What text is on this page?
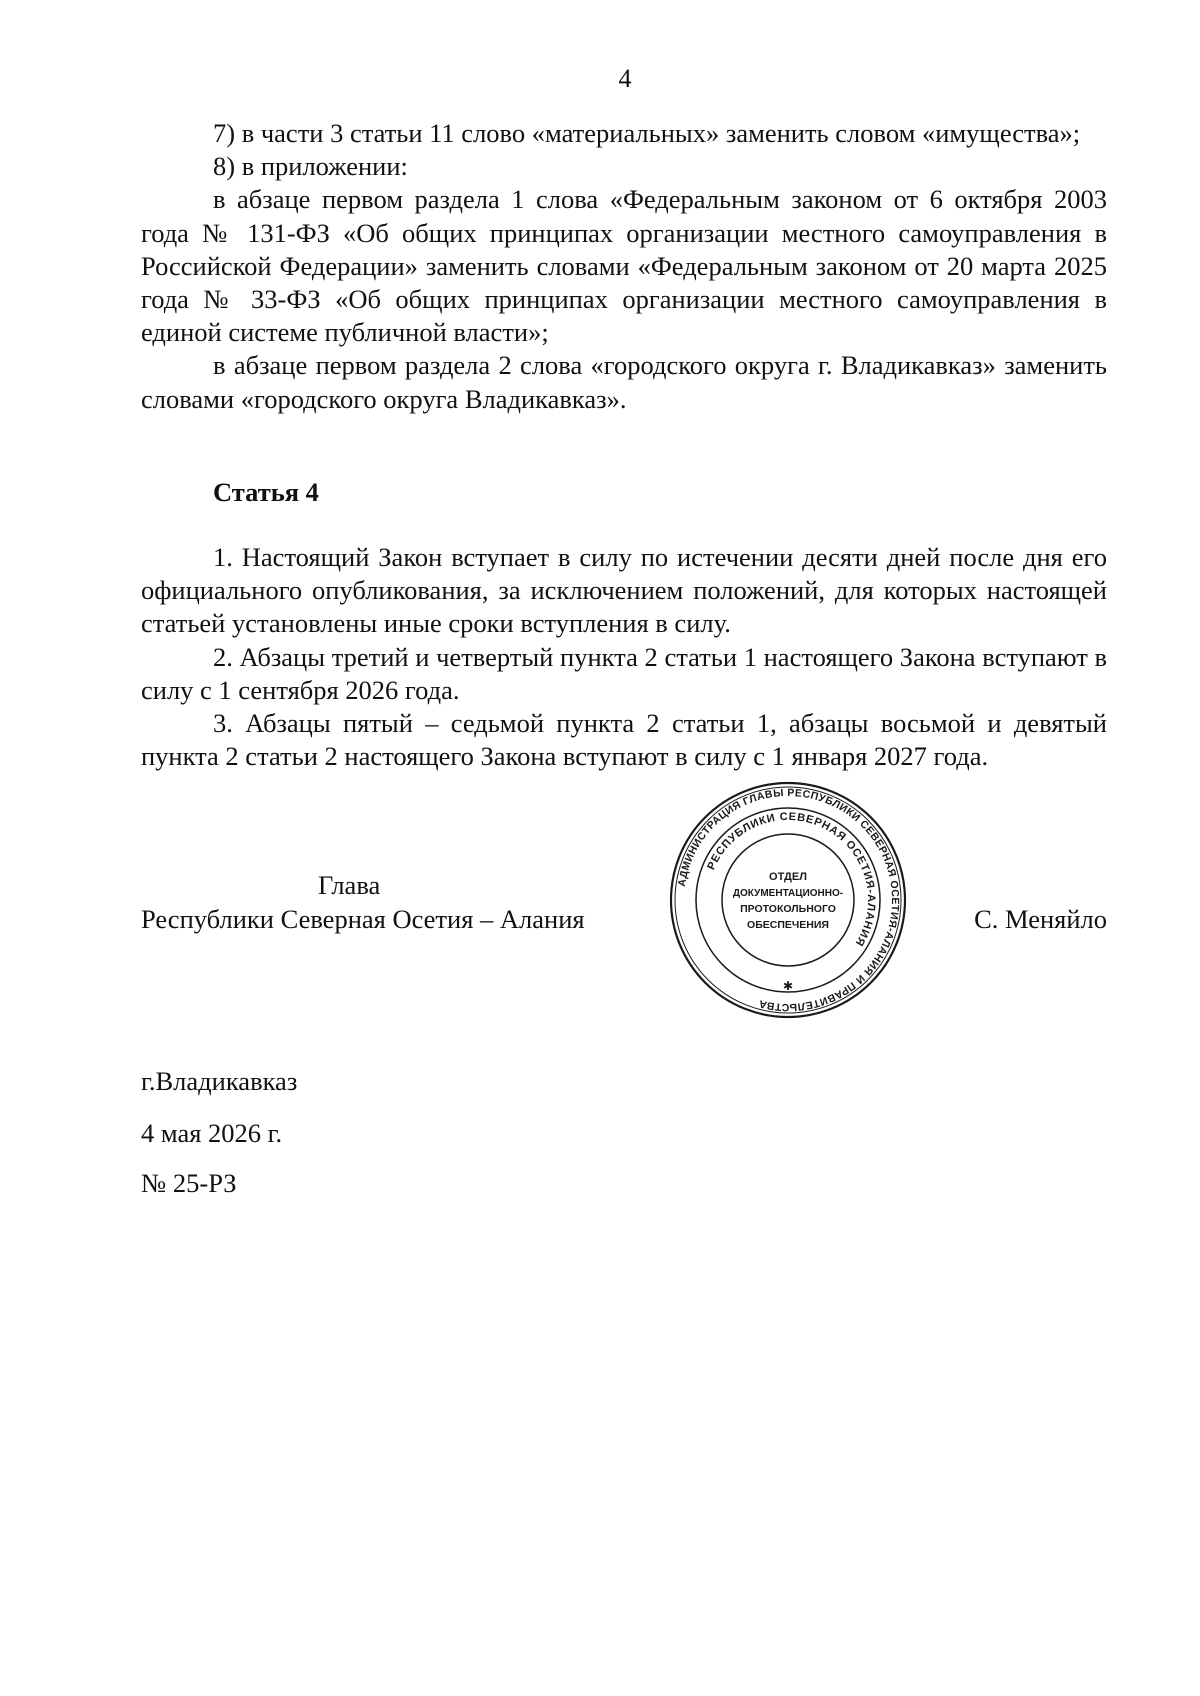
4

7) в части 3 статьи 11 слово «материальных» заменить словом «имущества»;

8) в приложении:

в абзаце первом раздела 1 слова «Федеральным законом от 6 октября 2003 года № 131-ФЗ «Об общих принципах организации местного самоуправления в Российской Федерации» заменить словами «Федеральным законом от 20 марта 2025 года № 33-ФЗ «Об общих принципах организации местного самоуправления в единой системе публичной власти»;

в абзаце первом раздела 2 слова «городского округа г. Владикавказ» заменить словами «городского округа Владикавказ».

Статья 4

1. Настоящий Закон вступает в силу по истечении десяти дней после дня его официального опубликования, за исключением положений, для которых настоящей статьей установлены иные сроки вступления в силу.

2. Абзацы третий и четвертый пункта 2 статьи 1 настоящего Закона вступают в силу с 1 сентября 2026 года.

3. Абзацы пятый – седьмой пункта 2 статьи 1, абзацы восьмой и девятый пункта 2 статьи 2 настоящего Закона вступают в силу с 1 января 2027 года.

Глава
Республики Северная Осетия – Алания	С. Меняйло
АДМИНИСТРАЦИЯ ГЛАВЫ РЕСПУБЛИКИ СЕВЕРНАЯ ОСЕТИЯ-АЛАНИЯ И ПРАВИТЕЛЬСТВА
РЕСПУБЛИКИ СЕВЕРНАЯ ОСЕТИЯ-АЛАНИЯ
ОТДЕЛ
ДОКУМЕНТАЦИОННО-
ПРОТОКОЛЬНОГО
ОБЕСПЕЧЕНИЯ
✱
г.Владикавказ
4 мая 2026 г.
№ 25-РЗ
